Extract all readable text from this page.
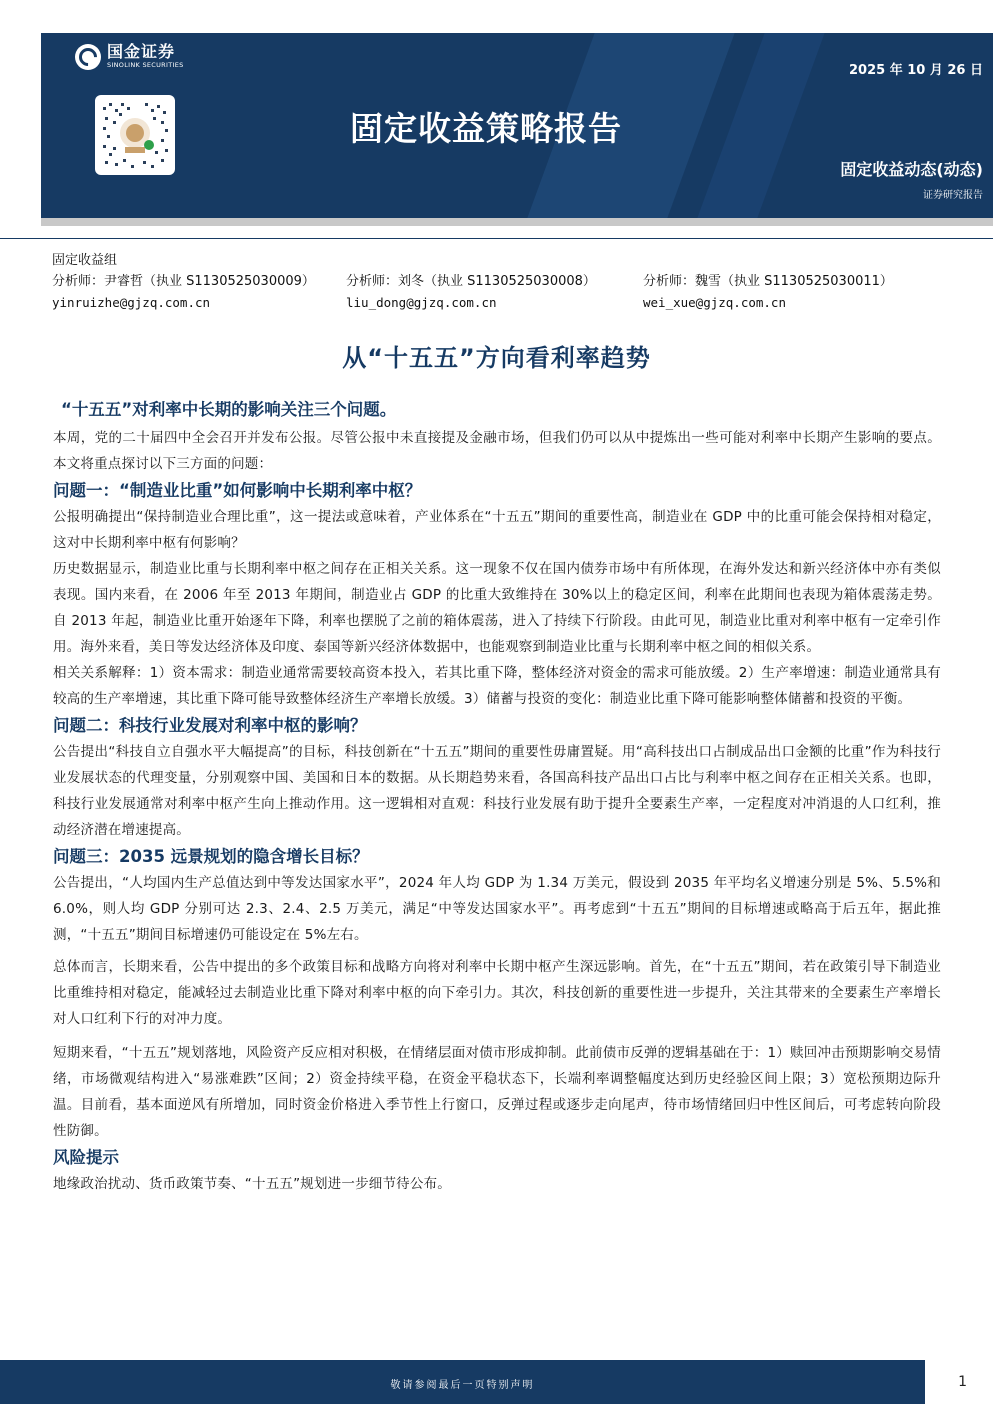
国金证券
SINOLINK SECURITIES	2025 年 10 月 26 日
固定收益策略报告
固定收益动态(动态)
证券研究报告
固定收益组
分析师：尹睿哲（执业 S1130525030009） 分析师：刘冬（执业 S1130525030008）	分析师：魏雪（执业 S1130525030011）
yinruizhe@gjzq.com.cn	liu_dong@gjzq.com.cn	wei_xue@gjzq.com.cn
从“十五五”方向看利率趋势
“十五五”对利率中长期的影响关注三个问题。

本周，党的二十届四中全会召开并发布公报。尽管公报中未直接提及金融市场，但我们仍可以从中提炼出一些可能对利率中长期产生影响的要点。本文将重点探讨以下三方面的问题：

问题一：“制造业比重”如何影响中长期利率中枢？

公报明确提出“保持制造业合理比重”，这一提法或意味着，产业体系在“十五五”期间的重要性高，制造业在 GDP 中的比重可能会保持相对稳定，这对中长期利率中枢有何影响？

历史数据显示，制造业比重与长期利率中枢之间存在正相关关系。这一现象不仅在国内债券市场中有所体现，在海外发达和新兴经济体中亦有类似表现。国内来看，在 2006 年至 2013 年期间，制造业占 GDP 的比重大致维持在 30%以上的稳定区间，利率在此期间也表现为箱体震荡走势。自 2013 年起，制造业比重开始逐年下降，利率也摆脱了之前的箱体震荡，进入了持续下行阶段。由此可见，制造业比重对利率中枢有一定牵引作用。海外来看，美日等发达经济体及印度、泰国等新兴经济体数据中，也能观察到制造业比重与长期利率中枢之间的相似关系。

相关关系解释：1）资本需求：制造业通常需要较高资本投入，若其比重下降，整体经济对资金的需求可能放缓。2）生产率增速：制造业通常具有较高的生产率增速，其比重下降可能导致整体经济生产率增长放缓。3）储蓄与投资的变化：制造业比重下降可能影响整体储蓄和投资的平衡。

问题二：科技行业发展对利率中枢的影响？

公告提出“科技自立自强水平大幅提高”的目标，科技创新在“十五五”期间的重要性毋庸置疑。用“高科技出口占制成品出口金额的比重”作为科技行业发展状态的代理变量，分别观察中国、美国和日本的数据。从长期趋势来看，各国高科技产品出口占比与利率中枢之间存在正相关关系。也即，科技行业发展通常对利率中枢产生向上推动作用。这一逻辑相对直观：科技行业发展有助于提升全要素生产率，一定程度对冲消退的人口红利，推动经济潜在增速提高。

问题三：2035 远景规划的隐含增长目标？

公告提出，“人均国内生产总值达到中等发达国家水平”，2024 年人均 GDP 为 1.34 万美元，假设到 2035 年平均名义增速分别是 5%、5.5%和 6.0%，则人均 GDP 分别可达 2.3、2.4、2.5 万美元，满足“中等发达国家水平”。再考虑到“十五五”期间的目标增速或略高于后五年，据此推测，“十五五”期间目标增速仍可能设定在 5%左右。

总体而言，长期来看，公告中提出的多个政策目标和战略方向将对利率中长期中枢产生深远影响。首先，在“十五五”期间，若在政策引导下制造业比重维持相对稳定，能减轻过去制造业比重下降对利率中枢的向下牵引力。其次，科技创新的重要性进一步提升，关注其带来的全要素生产率增长对人口红利下行的对冲力度。

短期来看，“十五五”规划落地，风险资产反应相对积极，在情绪层面对债市形成抑制。此前债市反弹的逻辑基础在于：1）赎回冲击预期影响交易情绪，市场微观结构进入“易涨难跌”区间；2）资金持续平稳，在资金平稳状态下，长端利率调整幅度达到历史经验区间上限；3）宽松预期边际升温。目前看，基本面逆风有所增加，同时资金价格进入季节性上行窗口，反弹过程或逐步走向尾声，待市场情绪回归中性区间后，可考虑转向阶段性防御。

风险提示

地缘政治扰动、货币政策节奏、“十五五”规划进一步细节待公布。

敬请参阅最后一页特别声明	1
